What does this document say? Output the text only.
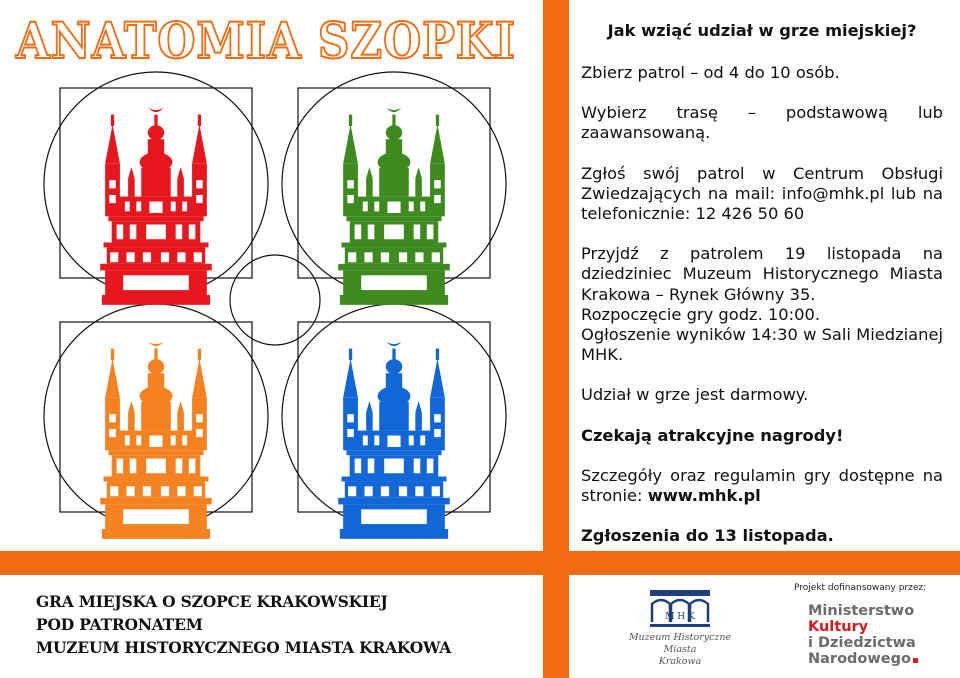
ANATOMIA SZOPKI	Jak wziąć udział w grze miejskiej?

Zbierz patrol – od 4 do 10 osób.

Wybierz trasę – podstawową lub zaawansowaną.

Zgłoś swój patrol w Centrum Obsługi Zwiedzających na mail: info@mhk.pl lub na telefonicznie: 12 426 50 60

Przyjdź z patrolem 19 listopada na dziedziniec Muzeum Historycznego Miasta Krakowa – Rynek Główny 35.

Rozpoczęcie gry godz. 10:00.

Ogłoszenie wyników 14:30 w Sali Miedzianej MHK.

Udział w grze jest darmowy.

Czekają atrakcyjne nagrody!

Szczegóły oraz regulamin gry dostępne na stronie: www.mhk.pl

Zgłoszenia do 13 listopada.

GRA MIEJSKA O SZOPCE KRAKOWSKIEJ
POD PATRONATEM
MUZEUM HISTORYCZNEGO MIASTA KRAKOWA
M H K
Muzeum Historyczne Miasta
Krakowa
Projekt dofinansowany przez:
Ministerstwo
Kultury
i Dziedzictwa
Narodowego
